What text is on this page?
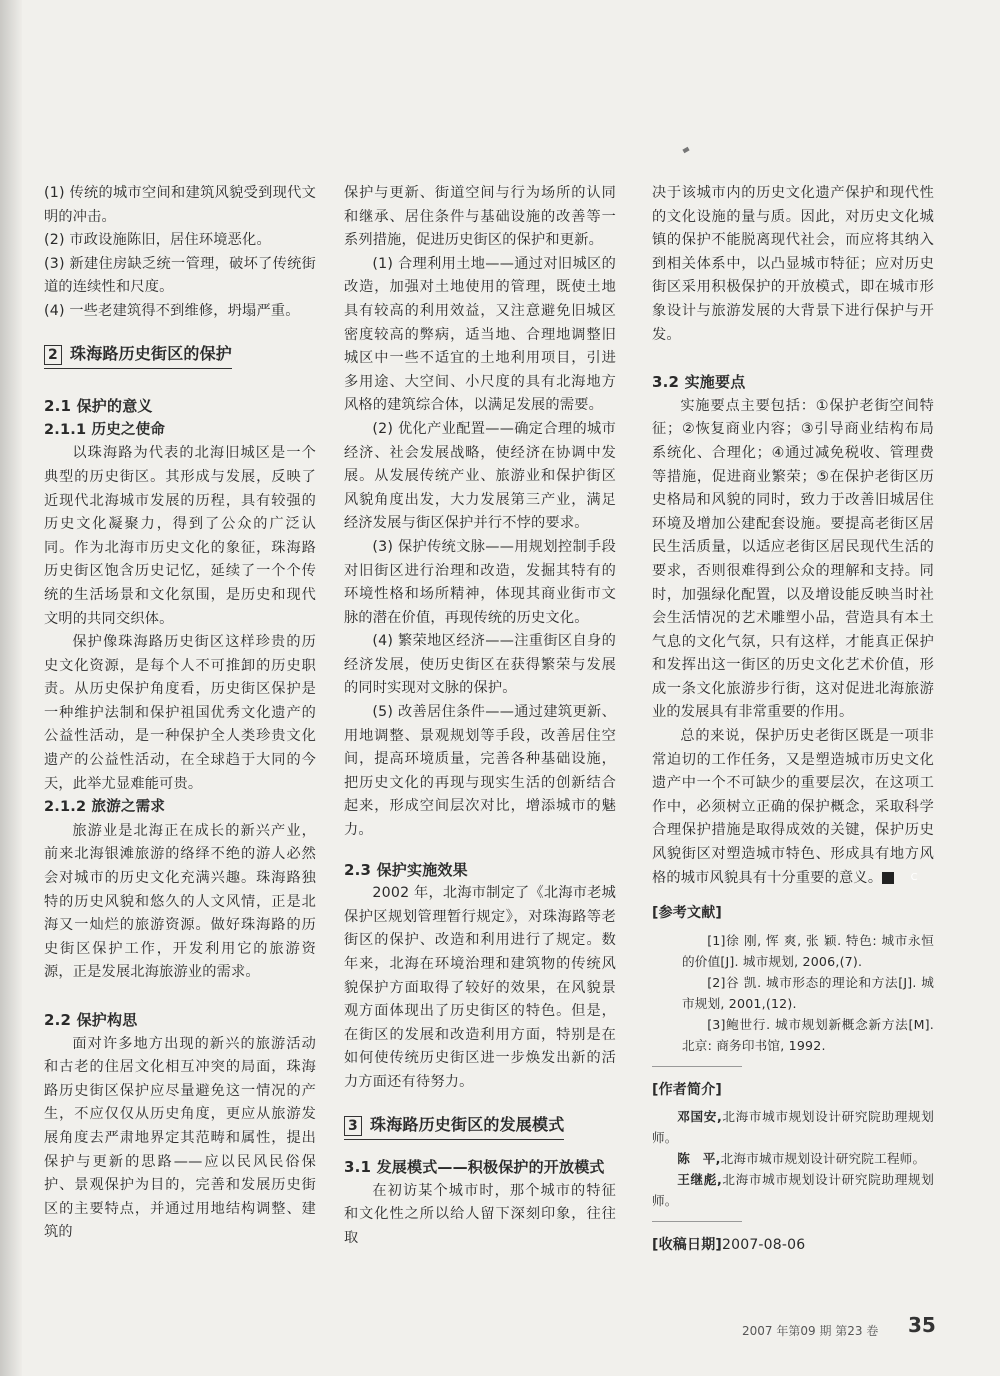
(1) 传统的城市空间和建筑风貌受到现代文明的冲击。

(2) 市政设施陈旧，居住环境恶化。

(3) 新建住房缺乏统一管理，破坏了传统街道的连续性和尺度。

(4) 一些老建筑得不到维修，坍塌严重。

2 珠海路历史街区的保护
2.1 保护的意义
2.1.1 历史之使命

以珠海路为代表的北海旧城区是一个典型的历史街区。其形成与发展，反映了近现代北海城市发展的历程，具有较强的历史文化凝聚力，得到了公众的广泛认同。作为北海市历史文化的象征，珠海路历史街区饱含历史记忆，延续了一个个传统的生活场景和文化氛围，是历史和现代文明的共同交织体。

保护像珠海路历史街区这样珍贵的历史文化资源，是每个人不可推卸的历史职责。从历史保护角度看，历史街区保护是一种维护法制和保护祖国优秀文化遗产的公益性活动，是一种保护全人类珍贵文化遗产的公益性活动，在全球趋于大同的今天，此举尤显难能可贵。

2.1.2 旅游之需求

旅游业是北海正在成长的新兴产业，前来北海银滩旅游的络绎不绝的游人必然会对城市的历史文化充满兴趣。珠海路独特的历史风貌和悠久的人文风情，正是北海又一灿烂的旅游资源。做好珠海路的历史街区保护工作，开发利用它的旅游资源，正是发展北海旅游业的需求。

2.2 保护构思

面对许多地方出现的新兴的旅游活动和古老的住居文化相互冲突的局面，珠海路历史街区保护应尽量避免这一情况的产生，不应仅仅从历史角度，更应从旅游发展角度去严肃地界定其范畴和属性，提出保护与更新的思路——应以民风民俗保护、景观保护为目的，完善和发展历史街区的主要特点，并通过用地结构调整、建筑的

保护与更新、街道空间与行为场所的认同和继承、居住条件与基础设施的改善等一系列措施，促进历史街区的保护和更新。

(1) 合理利用土地——通过对旧城区的改造，加强对土地使用的管理，既使土地具有较高的利用效益，又注意避免旧城区密度较高的弊病，适当地、合理地调整旧城区中一些不适宜的土地利用项目，引进多用途、大空间、小尺度的具有北海地方风格的建筑综合体，以满足发展的需要。

(2) 优化产业配置——确定合理的城市经济、社会发展战略，使经济在协调中发展。从发展传统产业、旅游业和保护街区风貌角度出发，大力发展第三产业，满足经济发展与街区保护并行不悖的要求。

(3) 保护传统文脉——用规划控制手段对旧街区进行治理和改造，发掘其特有的环境性格和场所精神，体现其商业街市文脉的潜在价值，再现传统的历史文化。

(4) 繁荣地区经济——注重街区自身的经济发展，使历史街区在获得繁荣与发展的同时实现对文脉的保护。

(5) 改善居住条件——通过建筑更新、用地调整、景观规划等手段，改善居住空间，提高环境质量，完善各种基础设施，把历史文化的再现与现实生活的创新结合起来，形成空间层次对比，增添城市的魅力。

2.3 保护实施效果

2002 年，北海市制定了《北海市老城保护区规划管理暂行规定》，对珠海路等老街区的保护、改造和利用进行了规定。数年来，北海在环境治理和建筑物的传统风貌保护方面取得了较好的效果，在风貌景观方面体现出了历史街区的特色。但是，在街区的发展和改造利用方面，特别是在如何使传统历史街区进一步焕发出新的活力方面还有待努力。

3 珠海路历史街区的发展模式
3.1 发展模式——积极保护的开放模式

在初访某个城市时，那个城市的特征和文化性之所以给人留下深刻印象，往往取

决于该城市内的历史文化遗产保护和现代性的文化设施的量与质。因此，对历史文化城镇的保护不能脱离现代社会，而应将其纳入到相关体系中，以凸显城市特征；应对历史街区采用积极保护的开放模式，即在城市形象设计与旅游发展的大背景下进行保护与开发。

3.2 实施要点

实施要点主要包括：①保护老街空间特征；②恢复商业内容；③引导商业结构布局系统化、合理化；④通过减免税收、管理费等措施，促进商业繁荣；⑤在保护老街区历史格局和风貌的同时，致力于改善旧城居住环境及增加公建配套设施。要提高老街区居民生活质量，以适应老街区居民现代生活的要求，否则很难得到公众的理解和支持。同时，加强绿化配置，以及增设能反映当时社会生活情况的艺术雕塑小品，营造具有本土气息的文化气氛，只有这样，才能真正保护和发挥出这一街区的历史文化艺术价值，形成一条文化旅游步行街，这对促进北海旅游业的发展具有非常重要的作用。

总的来说，保护历史老街区既是一项非常迫切的工作任务，又是塑造城市历史文化遗产中一个不可缺少的重要层次，在这项工作中，必须树立正确的保护概念，采取科学合理保护措施是取得成效的关键，保护历史风貌街区对塑造城市特色、形成具有地方风格的城市风貌具有十分重要的意义。	C

[参考文献]

[1]徐 刚, 恽 爽, 张 颖. 特色: 城市永恒的价值[J]. 城市规划, 2006,(7).

[2]谷 凯. 城市形态的理论和方法[J]. 城市规划, 2001,(12).

[3]鲍世行. 城市规划新概念新方法[M]. 北京: 商务印书馆, 1992.

[作者简介]

邓国安,北海市城市规划设计研究院助理规划师。

陈　平,北海市城市规划设计研究院工程师。

王继彪,北海市城市规划设计研究院助理规划师。

[收稿日期]2007-08-06
2007 年第09 期 第23 卷 35
